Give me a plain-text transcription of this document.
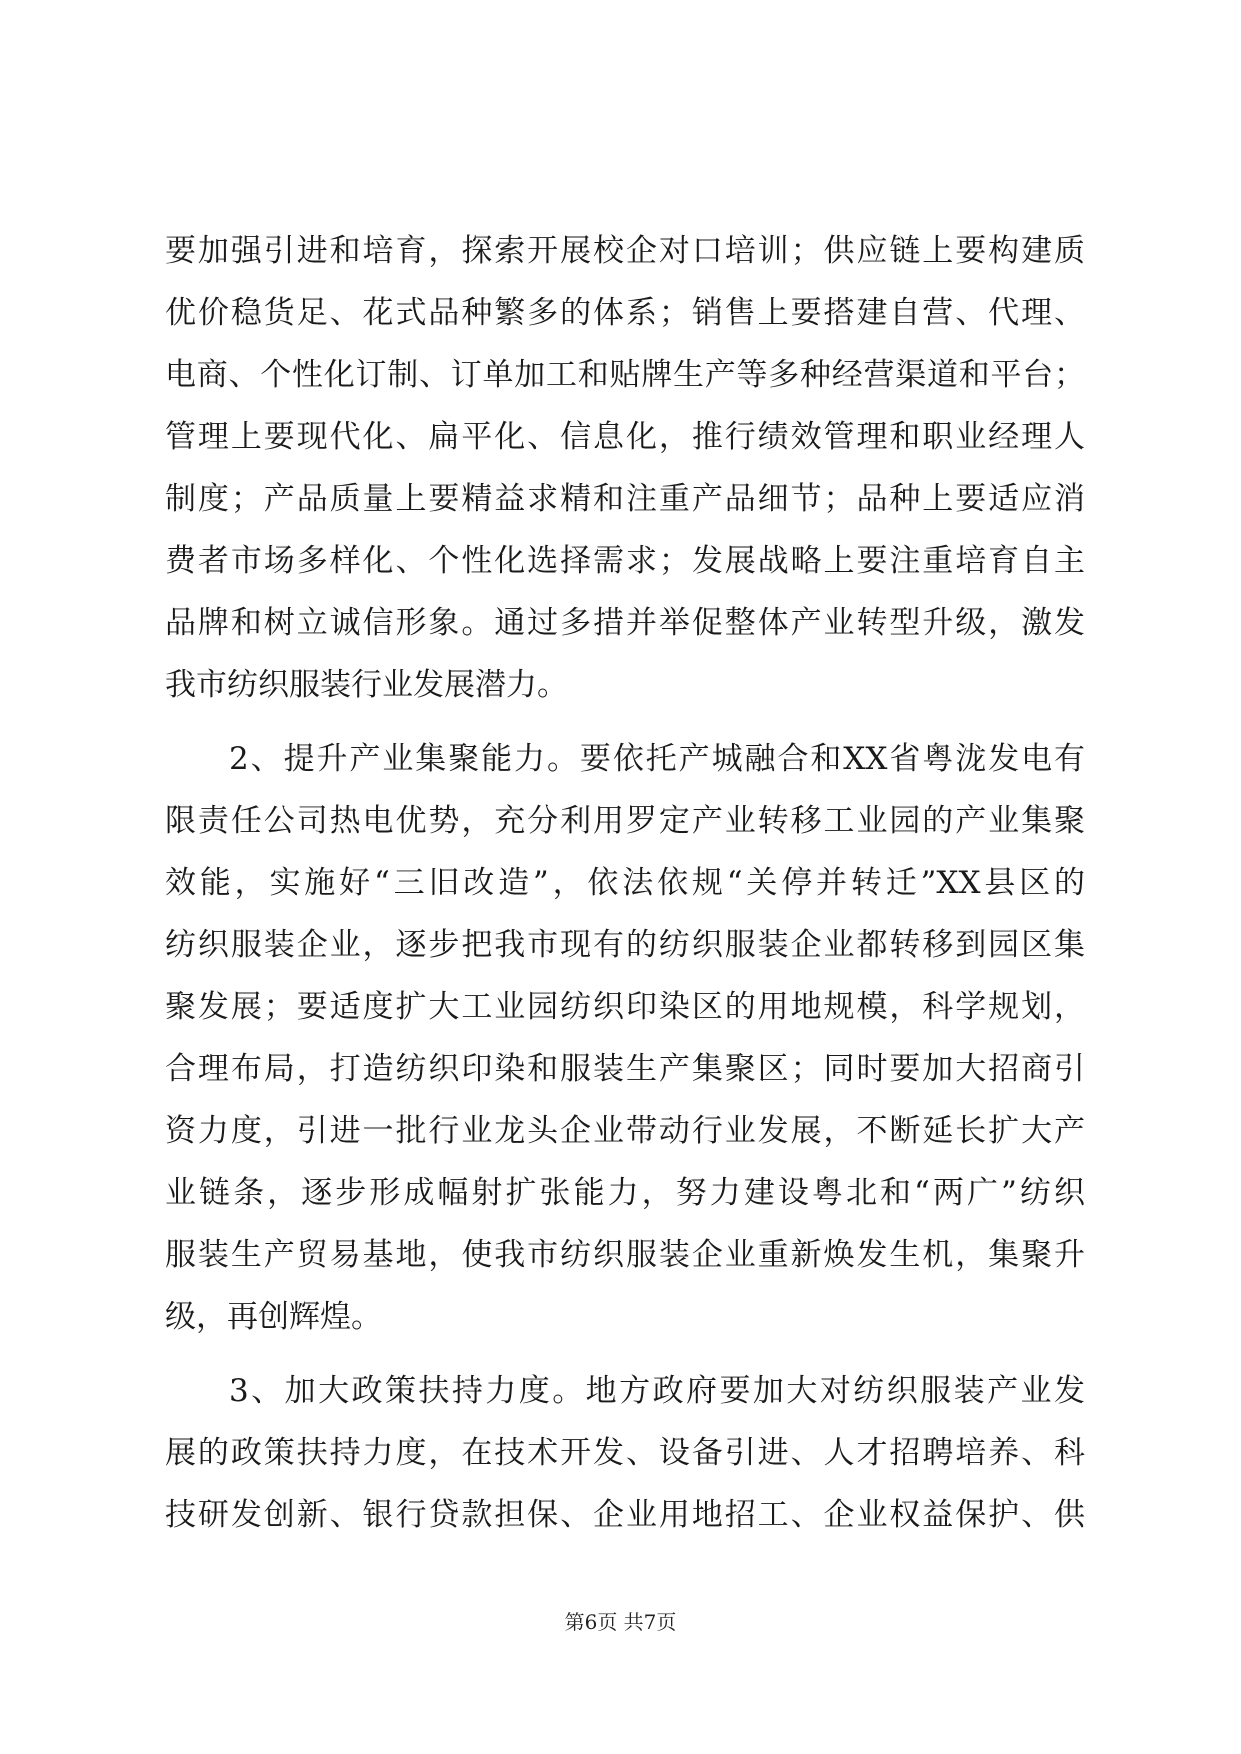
要加强引进和培育，探索开展校企对口培训；供应链上要构建质
优价稳货足、花式品种繁多的体系；销售上要搭建自营、代理、
电商、个性化订制、订单加工和贴牌生产等多种经营渠道和平台；
管理上要现代化、扁平化、信息化，推行绩效管理和职业经理人
制度；产品质量上要精益求精和注重产品细节；品种上要适应消
费者市场多样化、个性化选择需求；发展战略上要注重培育自主
品牌和树立诚信形象。通过多措并举促整体产业转型升级，激发
我市纺织服装行业发展潜力。
2、提升产业集聚能力。要依托产城融合和XX省粤泷发电有
限责任公司热电优势，充分利用罗定产业转移工业园的产业集聚
效能，实施好“三旧改造”，依法依规“关停并转迁”XX县区的
纺织服装企业，逐步把我市现有的纺织服装企业都转移到园区集
聚发展；要适度扩大工业园纺织印染区的用地规模，科学规划，
合理布局，打造纺织印染和服装生产集聚区；同时要加大招商引
资力度，引进一批行业龙头企业带动行业发展，不断延长扩大产
业链条，逐步形成幅射扩张能力，努力建设粤北和“两广”纺织
服装生产贸易基地，使我市纺织服装企业重新焕发生机，集聚升
级，再创辉煌。
3、加大政策扶持力度。地方政府要加大对纺织服装产业发
展的政策扶持力度，在技术开发、设备引进、人才招聘培养、科
技研发创新、银行贷款担保、企业用地招工、企业权益保护、供
第6页 共7页
